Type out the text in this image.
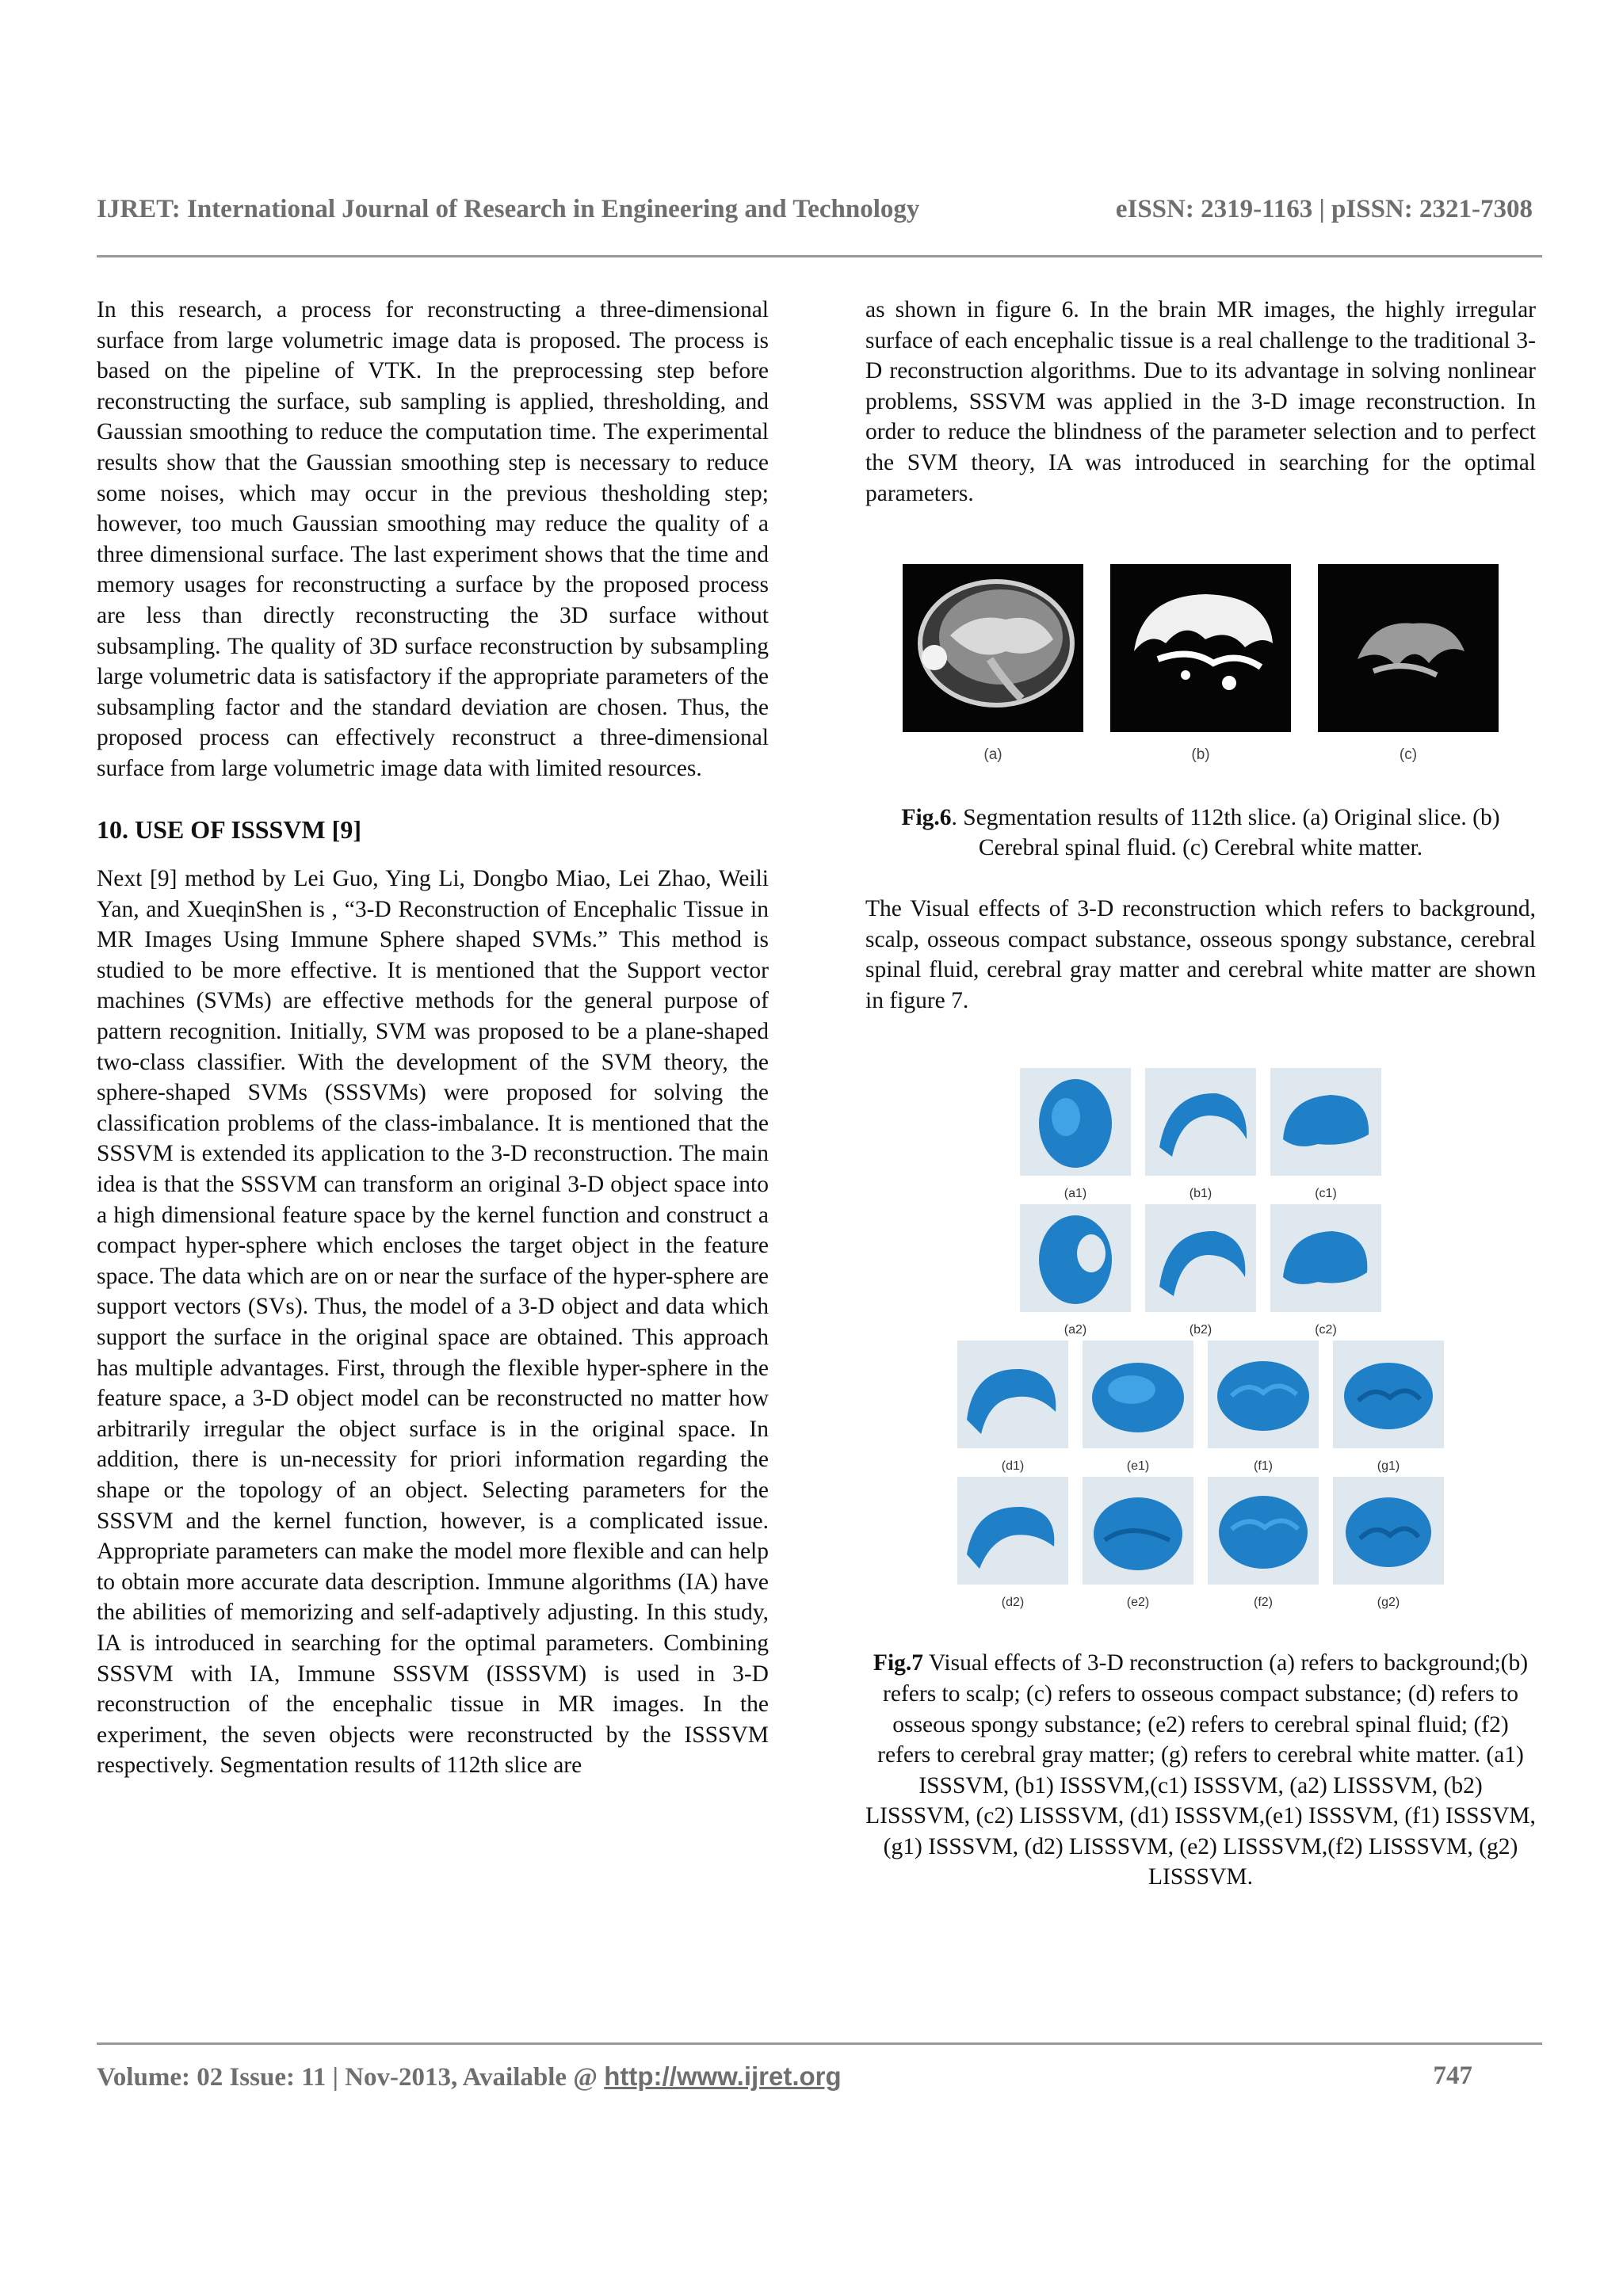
IJRET: International Journal of Research in Engineering and Technology	eISSN: 2319-1163 | pISSN: 2321-7308

In this research, a process for reconstructing a three-dimensional surface from large volumetric image data is proposed. The process is based on the pipeline of VTK. In the preprocessing step before reconstructing the surface, sub sampling is applied, thresholding, and Gaussian smoothing to reduce the computation time. The experimental results show that the Gaussian smoothing step is necessary to reduce some noises, which may occur in the previous thesholding step; however, too much Gaussian smoothing may reduce the quality of a three dimensional surface. The last experiment shows that the time and memory usages for reconstructing a surface by the proposed process are less than directly reconstructing the 3D surface without subsampling. The quality of 3D surface reconstruction by subsampling large volumetric data is satisfactory if the appropriate parameters of the subsampling factor and the standard deviation are chosen. Thus, the proposed process can effectively reconstruct a three-dimensional surface from large volumetric image data with limited resources.

10. USE OF ISSSVM [9]

Next [9] method by Lei Guo, Ying Li, Dongbo Miao, Lei Zhao, Weili Yan, and XueqinShen is , “3-D Reconstruction of Encephalic Tissue in MR Images Using Immune Sphere shaped SVMs.” This method is studied to be more effective. It is mentioned that the Support vector machines (SVMs) are effective methods for the general purpose of pattern recognition. Initially, SVM was proposed to be a plane-shaped two-class classifier. With the development of the SVM theory, the sphere-shaped SVMs (SSSVMs) were proposed for solving the classification problems of the class-imbalance. It is mentioned that the SSSVM is extended its application to the 3-D reconstruction. The main idea is that the SSSVM can transform an original 3-D object space into a high dimensional feature space by the kernel function and construct a compact hyper-sphere which encloses the target object in the feature space. The data which are on or near the surface of the hyper-sphere are support vectors (SVs). Thus, the model of a 3-D object and data which support the surface in the original space are obtained. This approach has multiple advantages. First, through the flexible hyper-sphere in the feature space, a 3-D object model can be reconstructed no matter how arbitrarily irregular the object surface is in the original space. In addition, there is un-necessity for priori information regarding the shape or the topology of an object. Selecting parameters for the SSSVM and the kernel function, however, is a complicated issue. Appropriate parameters can make the model more flexible and can help to obtain more accurate data description. Immune algorithms (IA) have the abilities of memorizing and self-adaptively adjusting. In this study, IA is introduced in searching for the optimal parameters. Combining SSSVM with IA, Immune SSSVM (ISSSVM) is used in 3-D reconstruction of the encephalic tissue in MR images. In the experiment, the seven objects were reconstructed by the ISSSVM respectively. Segmentation results of 112th slice are

as shown in figure 6. In the brain MR images, the highly irregular surface of each encephalic tissue is a real challenge to the traditional 3-D reconstruction algorithms. Due to its advantage in solving nonlinear problems, SSSVM was applied in the 3-D image reconstruction. In order to reduce the blindness of the parameter selection and to perfect the SVM theory, IA was introduced in searching for the optimal parameters.

(a)	(b)	(c)

Fig.6. Segmentation results of 112th slice. (a) Original slice. (b) Cerebral spinal fluid. (c) Cerebral white matter.

The Visual effects of 3-D reconstruction which refers to background, scalp, osseous compact substance, osseous spongy substance, cerebral spinal fluid, cerebral gray matter and cerebral white matter are shown in figure 7.

(a1)	(b1)	(c1)
(a2)	(b2)	(c2)
(d1)	(e1)	(f1)	(g1)
(d2)	(e2)	(f2)	(g2)

Fig.7 Visual effects of 3-D reconstruction (a) refers to background;(b) refers to scalp; (c) refers to osseous compact substance; (d) refers to osseous spongy substance; (e2) refers to cerebral spinal fluid; (f2) refers to cerebral gray matter; (g) refers to cerebral white matter. (a1) ISSSVM, (b1) ISSSVM,(c1) ISSSVM, (a2) LISSSVM, (b2) LISSSVM, (c2) LISSSVM, (d1) ISSSVM,(e1) ISSSVM, (f1) ISSSVM, (g1) ISSSVM, (d2) LISSSVM, (e2) LISSSVM,(f2) LISSSVM, (g2) LISSSVM.

Volume: 02 Issue: 11 | Nov-2013, Available @ http://www.ijret.org	747
